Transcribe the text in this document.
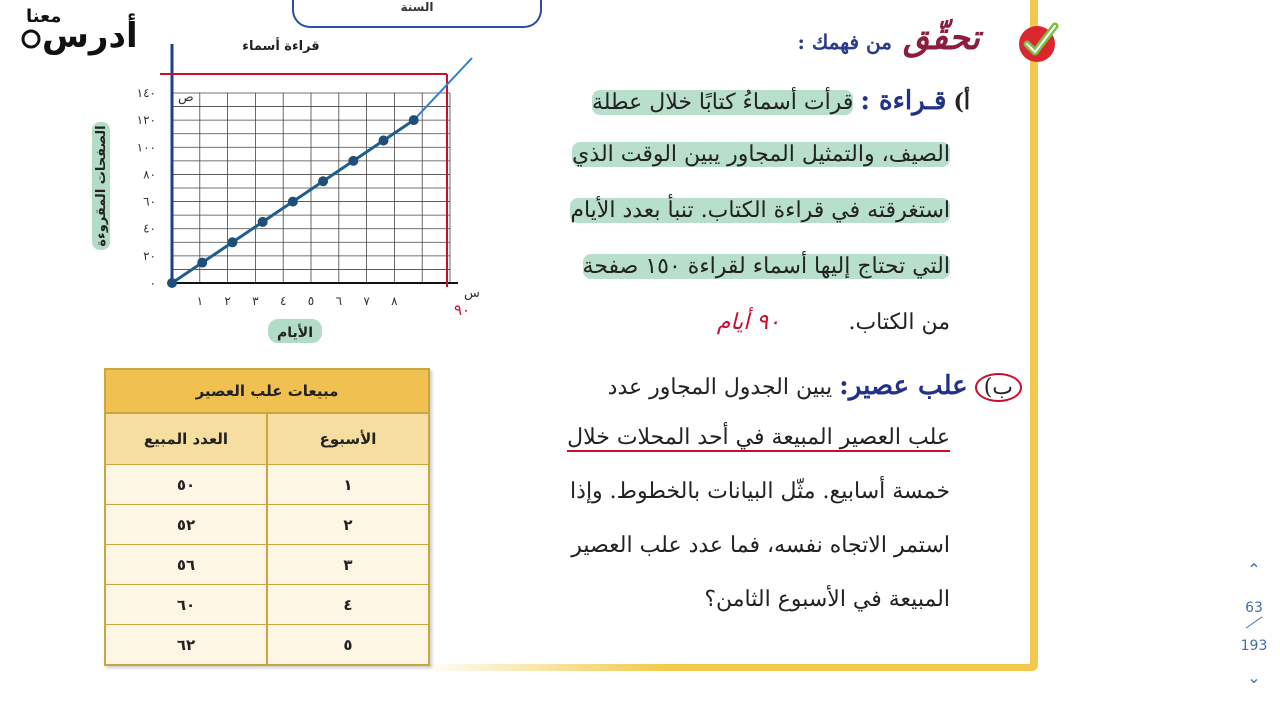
السنة
معنا
أدرس	تحقّق من فهمك :
١ ٢ ٣ ٤ ٥ ٦ ٧ ٨
٠
٢٠
٤٠
٦٠
٨٠
١٠٠
١٢٠
١٤٠
س
ص
قراءة أسماء
الأيام
الصفحات المقروءة
٩٠
أ) قـراءة : قرأت أسماءُ كتابًا خلال عطلة
الصيف، والتمثيل المجاور يبين الوقت الذي
استغرقته في قراءة الكتاب. تنبأ بعدد الأيام
التي تحتاج إليها أسماء لقراءة ١٥٠ صفحة
من الكتاب.
٩٠ أيام
ب) علب عصير: يبين الجدول المجاور عدد
علب العصير المبيعة في أحد المحلات خلال
خمسة أسابيع. مثّل البيانات بالخطوط. وإذا
استمر الاتجاه نفسه، فما عدد علب العصير
المبيعة في الأسبوع الثامن؟
مبيعات علب العصير
الأسبوع
العدد المبيع
١
٥٠
٢
٥٢
٣
٥٦
٤
٦٠
٥
٦٢
⌃
63
193
⌄
